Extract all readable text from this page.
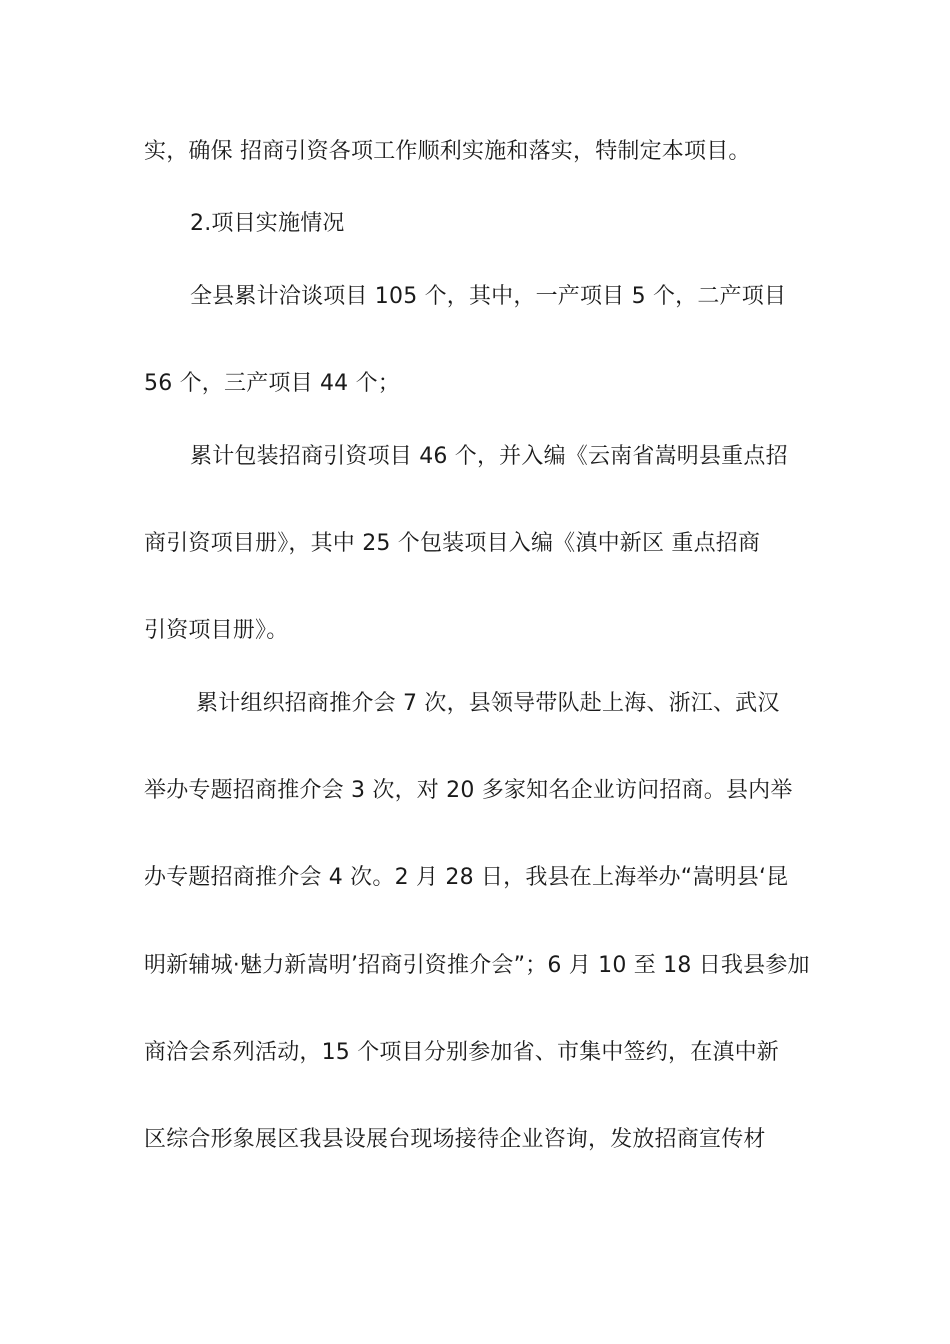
实，确保 招商引资各项工作顺利实施和落实，特制定本项目。
2.项目实施情况
全县累计洽谈项目 105 个，其中，一产项目 5 个，二产项目
56 个，三产项目 44 个；
累计包装招商引资项目 46 个，并入编《云南省嵩明县重点招
商引资项目册》，其中 25 个包装项目入编《滇中新区 重点招商
引资项目册》。
累计组织招商推介会 7 次，县领导带队赴上海、浙江、武汉
举办专题招商推介会 3 次，对 20 多家知名企业访问招商。县内举
办专题招商推介会 4 次。2 月 28 日，我县在上海举办“嵩明县‘昆
明新辅城·魅力新嵩明’招商引资推介会”；6 月 10 至 18 日我县参加
商洽会系列活动，15 个项目分别参加省、市集中签约，在滇中新
区综合形象展区我县设展台现场接待企业咨询，发放招商宣传材
